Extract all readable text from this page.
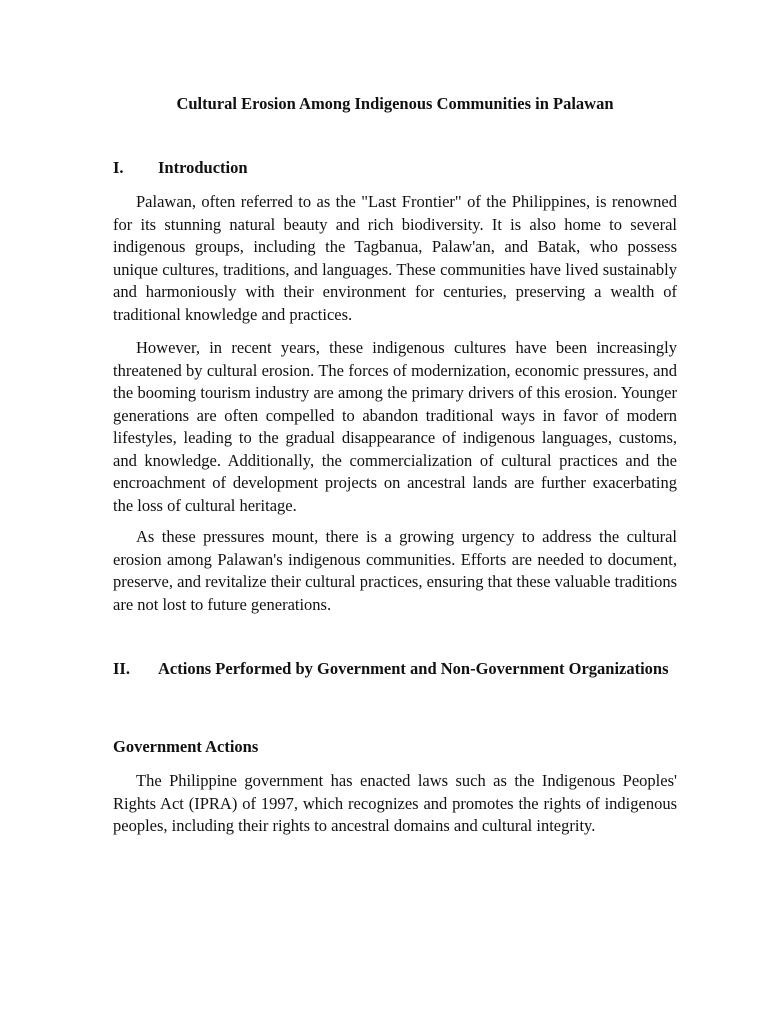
Cultural Erosion Among Indigenous Communities in Palawan
I.	Introduction

Palawan, often referred to as the "Last Frontier" of the Philippines, is renowned for its stunning natural beauty and rich biodiversity. It is also home to several indigenous groups, including the Tagbanua, Palaw'an, and Batak, who possess unique cultures, traditions, and languages. These communities have lived sustainably and harmoniously with their environment for centuries, preserving a wealth of traditional knowledge and practices.

However, in recent years, these indigenous cultures have been increasingly threatened by cultural erosion. The forces of modernization, economic pressures, and the booming tourism industry are among the primary drivers of this erosion. Younger generations are often compelled to abandon traditional ways in favor of modern lifestyles, leading to the gradual disappearance of indigenous languages, customs, and knowledge. Additionally, the commercialization of cultural practices and the encroachment of development projects on ancestral lands are further exacerbating the loss of cultural heritage.

As these pressures mount, there is a growing urgency to address the cultural erosion among Palawan's indigenous communities. Efforts are needed to document, preserve, and revitalize their cultural practices, ensuring that these valuable traditions are not lost to future generations.

II.	Actions Performed by Government and Non-Government Organizations

Government Actions

The Philippine government has enacted laws such as the Indigenous Peoples' Rights Act (IPRA) of 1997, which recognizes and promotes the rights of indigenous peoples, including their rights to ancestral domains and cultural integrity.
